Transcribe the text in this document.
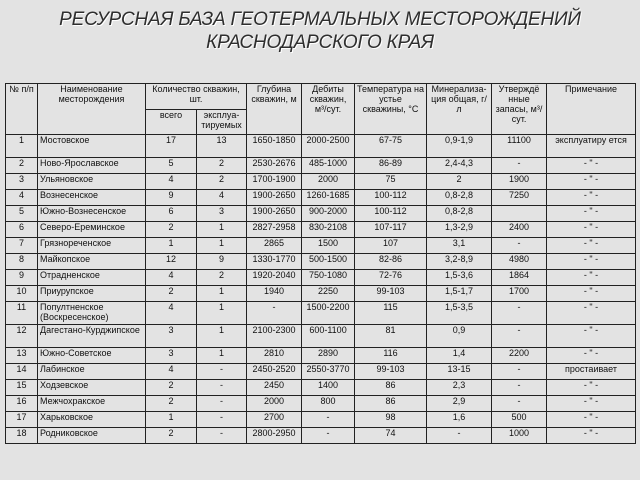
РЕСУРСНАЯ БАЗА ГЕОТЕРМАЛЬНЫХ МЕСТОРОЖДЕНИЙ
КРАСНОДАРСКОГО КРАЯ
№ п/п	Наименование месторождения	Количество скважин, шт.		Глубина скважин, м	Дебиты скважин, м³/сут.	Температура на устье скважины, °С	Минерализа-ция общая, г/л	Утверждё нные запасы, м³/сут.	Примечание
		всего	эксплуа-тируемых						
1	Мостовское	17	13	1650-1850	2000-2500	67-75	0,9-1,9	11100	эксплуатиру ется
2	Ново-Ярославское	5	2	2530-2676	485-1000	86-89	2,4-4,3	-	- " -
3	Ульяновское	4	2	1700-1900	2000	75	2	1900	- " -
4	Вознесенское	9	4	1900-2650	1260-1685	100-112	0,8-2,8	7250	- " -
5	Южно-Вознесенское	6	3	1900-2650	900-2000	100-112	0,8-2,8		- " -
6	Северо-Ереминское	2	1	2827-2958	830-2108	107-117	1,3-2,9	2400	- " -
7	Грязнореченское	1	1	2865	1500	107	3,1	-	- " -
8	Майкопское	12	9	1330-1770	500-1500	82-86	3,2-8,9	4980	- " -
9	Отрадненское	4	2	1920-2040	750-1080	72-76	1,5-3,6	1864	- " -
10	Приурупское	2	1	1940	2250	99-103	1,5-1,7	1700	- " -
11	Попултненское (Воскресенское)	4	1	-	1500-2200	115	1,5-3,5	-	- " -
12	Дагестано-Курджипское	3	1	2100-2300	600-1100	81	0,9	-	- " -
13	Южно-Советское	3	1	2810	2890	116	1,4	2200	- " -
14	Лабинское	4	-	2450-2520	2550-3770	99-103	13-15	-	простаивает
15	Ходзевское	2	-	2450	1400	86	2,3	-	- " -
16	Межчохракское	2	-	2000	800	86	2,9	-	- " -
17	Харьковское	1	-	2700	-	98	1,6	500	- " -
18	Родниковское	2	-	2800-2950	-	74	-	1000	- " -
